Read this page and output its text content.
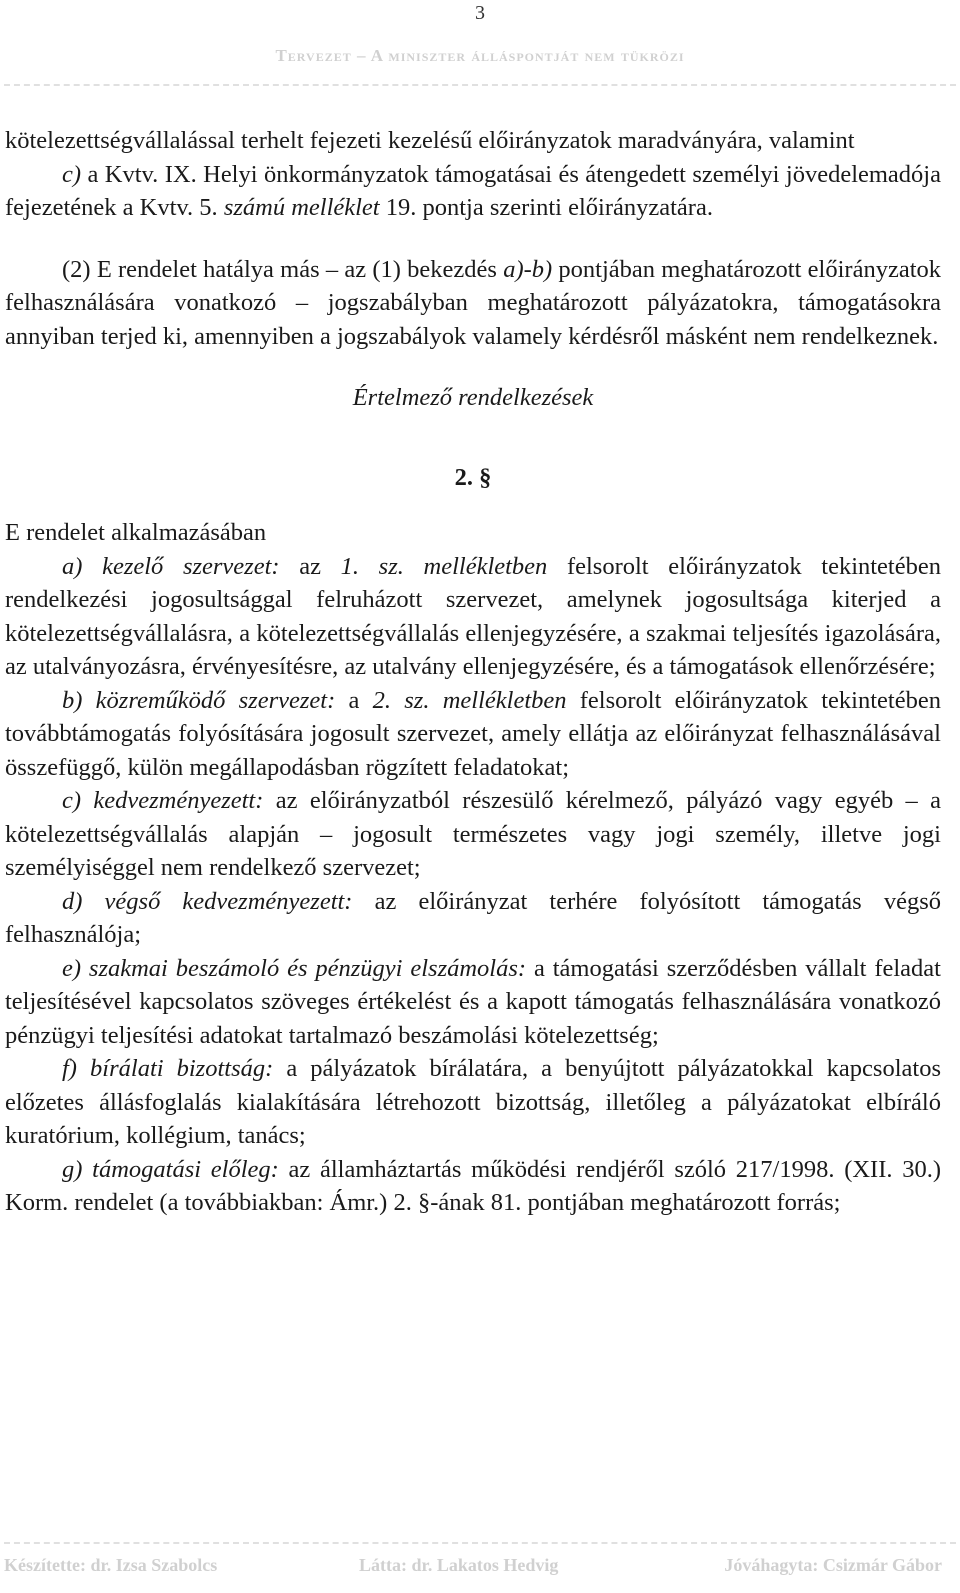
3
Tervezet – A miniszter álláspontját nem tükrözi

kötelezettségvállalással terhelt fejezeti kezelésű előirányzatok maradványára, valamint

c) a Kvtv. IX. Helyi önkormányzatok támogatásai és átengedett személyi jövedelemadója fejezetének a Kvtv. 5. számú melléklet 19. pontja szerinti előirányzatára.

(2) E rendelet hatálya más – az (1) bekezdés a)-b) pontjában meghatározott előirányzatok felhasználására vonatkozó – jogszabályban meghatározott pályázatokra, támogatásokra annyiban terjed ki, amennyiben a jogszabályok valamely kérdésről másként nem rendelkeznek.

Értelmező rendelkezések

2. §

E rendelet alkalmazásában

a) kezelő szervezet: az 1. sz. mellékletben felsorolt előirányzatok tekintetében rendelkezési jogosultsággal felruházott szervezet, amelynek jogosultsága kiterjed a kötelezettségvállalásra, a kötelezettségvállalás ellenjegyzésére, a szakmai teljesítés igazolására, az utalványozásra, érvényesítésre, az utalvány ellenjegyzésére, és a támogatások ellenőrzésére;

b) közreműködő szervezet: a 2. sz. mellékletben felsorolt előirányzatok tekintetében továbbtámogatás folyósítására jogosult szervezet, amely ellátja az előirányzat felhasználásával összefüggő, külön megállapodásban rögzített feladatokat;

c) kedvezményezett: az előirányzatból részesülő kérelmező, pályázó vagy egyéb – a kötelezettségvállalás alapján – jogosult természetes vagy jogi személy, illetve jogi személyiséggel nem rendelkező szervezet;

d) végső kedvezményezett: az előirányzat terhére folyósított támogatás végső felhasználója;

e) szakmai beszámoló és pénzügyi elszámolás: a támogatási szerződésben vállalt feladat teljesítésével kapcsolatos szöveges értékelést és a kapott támogatás felhasználására vonatkozó pénzügyi teljesítési adatokat tartalmazó beszámolási kötelezettség;

f) bírálati bizottság: a pályázatok bírálatára, a benyújtott pályázatokkal kapcsolatos előzetes állásfoglalás kialakítására létrehozott bizottság, illetőleg a pályázatokat elbíráló kuratórium, kollégium, tanács;

g) támogatási előleg: az államháztartás működési rendjéről szóló 217/1998. (XII. 30.) Korm. rendelet (a továbbiakban: Ámr.) 2. §-ának 81. pontjában meghatározott forrás;

Készítette: dr. Izsa Szabolcs	Látta: dr. Lakatos Hedvig	Jóváhagyta: Csizmár Gábor
